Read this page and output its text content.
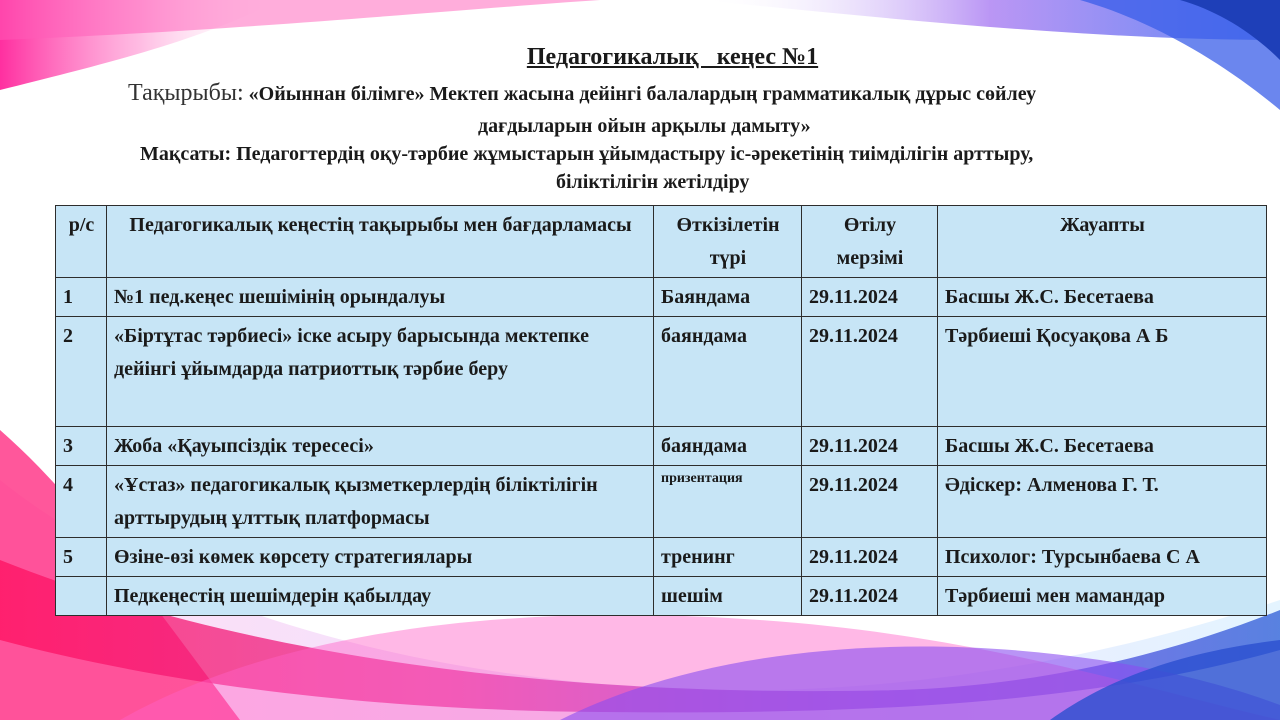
Педагогикалық   кеңес №1
Тақырыбы: «Ойыннан білімге» Мектеп жасына дейінгі балалардың грамматикалық дұрыс сөйлеу
дағдыларын ойын арқылы дамыту»
Мақсаты: Педагогтердің оқу-тәрбие жұмыстарын ұйымдастыру іс-әрекетінің тиімділігін арттыру,
біліктілігін жетілдіру
р/с	Педагогикалық кеңестің тақырыбы мен бағдарламасы	Өткізілетін түрі	Өтілу мерзімі	Жауапты
1	№1 пед.кеңес шешімінің орындалуы	Баяндама	29.11.2024	Басшы Ж.С. Бесетаева
2	«Біртұтас тәрбиесі» іске асыру барысында мектепке дейінгі ұйымдарда патриоттық тәрбие беру	баяндама	29.11.2024	Тәрбиеші Қосуақова А Б
3	Жоба «Қауыпсіздік тересесі»	баяндама	29.11.2024	Басшы Ж.С. Бесетаева
4	«Ұстаз» педагогикалық қызметкерлердің біліктілігін арттырудың ұлттық платформасы	призентация	29.11.2024	Әдіскер: Алменова Г. Т.
5	Өзіне-өзі көмек көрсету стратегиялары	тренинг	29.11.2024	Психолог: Турсынбаева С А
	Педкеңестің шешімдерін қабылдау	шешім	29.11.2024	Тәрбиеші мен мамандар
